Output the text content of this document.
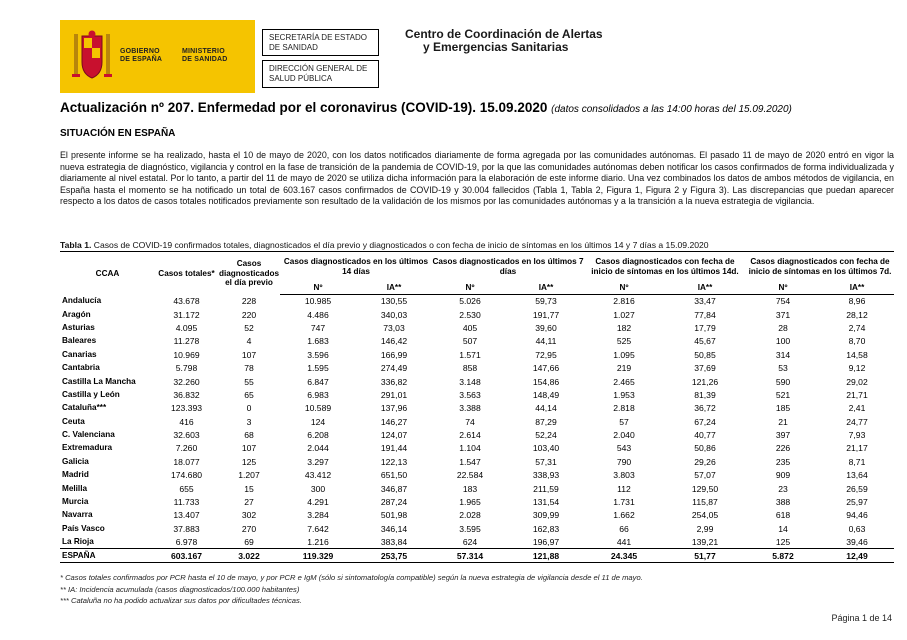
GOBIERNO
DE ESPAÑA
MINISTERIO
DE SANIDAD
SECRETARÍA DE ESTADO DE SANIDAD
DIRECCIÓN GENERAL DE SALUD PÚBLICA
Centro de Coordinación de Alertas
y Emergencias Sanitarias
Actualización nº 207. Enfermedad por el coronavirus (COVID-19). 15.09.2020 (datos consolidados a las 14:00 horas del 15.09.2020)
SITUACIÓN EN ESPAÑA

El presente informe se ha realizado, hasta el 10 de mayo de 2020, con los datos notificados diariamente de forma agregada por las comunidades autónomas. El pasado 11 de mayo de 2020 entró en vigor la nueva estrategia de diagnóstico, vigilancia y control en la fase de transición de la pandemia de COVID-19, por la que las comunidades autónomas deben notificar los casos confirmados de forma individualizada y diariamente al nivel estatal. Por lo tanto, a partir del 11 de mayo de 2020 se utiliza dicha información para la elaboración de este informe diario. Una vez combinados los datos de ambos métodos de vigilancia, en España hasta el momento se ha notificado un total de 603.167 casos confirmados de COVID-19 y 30.004 fallecidos (Tabla 1, Tabla 2, Figura 1, Figura 2 y Figura 3). Las discrepancias que puedan aparecer respecto a los datos de casos totales notificados previamente son resultado de la validación de los mismos por las comunidades autónomas y a la transición a la nueva estrategia de vigilancia.

Tabla 1. Casos de COVID-19 confirmados totales, diagnosticados el día previo y diagnosticados o con fecha de inicio de síntomas en los últimos 14 y 7 días a 15.09.2020
CCAA	Casos totales*	Casos diagnosticados el día previo	Casos diagnosticados en los últimos 14 días		Casos diagnosticados en los últimos 7 días		Casos diagnosticados con fecha de inicio de síntomas en los últimos 14d.		Casos diagnosticados con fecha de inicio de síntomas en los últimos 7d.	
			Nº	IA**	Nº	IA**	Nº	IA**	Nº	IA**
Andalucía	43.678	228	10.985	130,55	5.026	59,73	2.816	33,47	754	8,96
Aragón	31.172	220	4.486	340,03	2.530	191,77	1.027	77,84	371	28,12
Asturias	4.095	52	747	73,03	405	39,60	182	17,79	28	2,74
Baleares	11.278	4	1.683	146,42	507	44,11	525	45,67	100	8,70
Canarias	10.969	107	3.596	166,99	1.571	72,95	1.095	50,85	314	14,58
Cantabria	5.798	78	1.595	274,49	858	147,66	219	37,69	53	9,12
Castilla La Mancha	32.260	55	6.847	336,82	3.148	154,86	2.465	121,26	590	29,02
Castilla y León	36.832	65	6.983	291,01	3.563	148,49	1.953	81,39	521	21,71
Cataluña***	123.393	0	10.589	137,96	3.388	44,14	2.818	36,72	185	2,41
Ceuta	416	3	124	146,27	74	87,29	57	67,24	21	24,77
C. Valenciana	32.603	68	6.208	124,07	2.614	52,24	2.040	40,77	397	7,93
Extremadura	7.260	107	2.044	191,44	1.104	103,40	543	50,86	226	21,17
Galicia	18.077	125	3.297	122,13	1.547	57,31	790	29,26	235	8,71
Madrid	174.680	1.207	43.412	651,50	22.584	338,93	3.803	57,07	909	13,64
Melilla	655	15	300	346,87	183	211,59	112	129,50	23	26,59
Murcia	11.733	27	4.291	287,24	1.965	131,54	1.731	115,87	388	25,97
Navarra	13.407	302	3.284	501,98	2.028	309,99	1.662	254,05	618	94,46
País Vasco	37.883	270	7.642	346,14	3.595	162,83	66	2,99	14	0,63
La Rioja	6.978	69	1.216	383,84	624	196,97	441	139,21	125	39,46
ESPAÑA	603.167	3.022	119.329	253,75	57.314	121,88	24.345	51,77	5.872	12,49
* Casos totales confirmados por PCR hasta el 10 de mayo, y por PCR e IgM (sólo si sintomatología compatible) según la nueva estrategia de vigilancia desde el 11 de mayo.
** IA: Incidencia acumulada (casos diagnosticados/100.000 habitantes)
*** Cataluña no ha podido actualizar sus datos por dificultades técnicas.
Página 1 de 14
